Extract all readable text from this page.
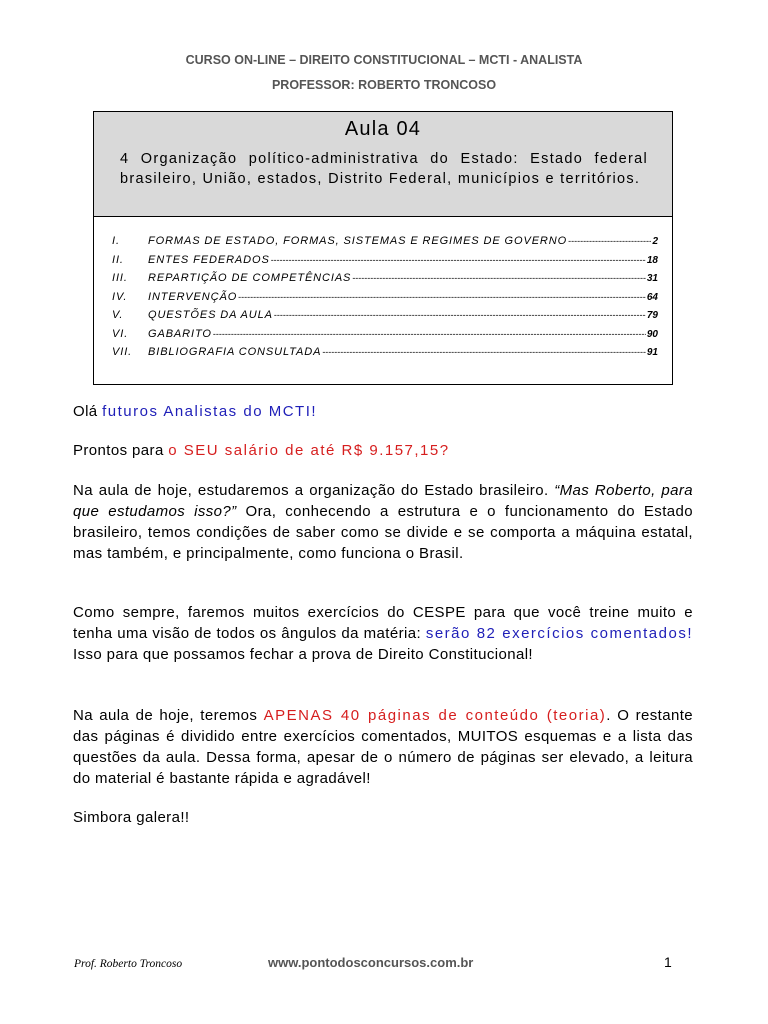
CURSO ON-LINE – DIREITO CONSTITUCIONAL – MCTI - ANALISTA
PROFESSOR: ROBERTO TRONCOSO
Aula 04
4 Organização político-administrativa do Estado: Estado federal brasileiro, União, estados, Distrito Federal, municípios e territórios.
I.	FORMAS DE ESTADO, FORMAS, SISTEMAS E REGIMES DE GOVERNO -----	2
II.	ENTES FEDERADOS -----	18
III.	REPARTIÇÃO DE COMPETÊNCIAS -----	31
IV.	INTERVENÇÃO -----	64
V.	QUESTÕES DA AULA -----	79
VI.	GABARITO -----	90
VII.	BIBLIOGRAFIA CONSULTADA -----	91
Olá futuros Analistas do MCTI!
Prontos para o SEU salário de até R$ 9.157,15?
Na aula de hoje, estudaremos a organização do Estado brasileiro. “Mas Roberto, para que estudamos isso?” Ora, conhecendo a estrutura e o funcionamento do Estado brasileiro, temos condições de saber como se divide e se comporta a máquina estatal, mas também, e principalmente, como funciona o Brasil.
Como sempre, faremos muitos exercícios do CESPE para que você treine muito e tenha uma visão de todos os ângulos da matéria: serão 82 exercícios comentados! Isso para que possamos fechar a prova de Direito Constitucional!
Na aula de hoje, teremos APENAS 40 páginas de conteúdo (teoria). O restante das páginas é dividido entre exercícios comentados, MUITOS esquemas e a lista das questões da aula. Dessa forma, apesar de o número de páginas ser elevado, a leitura do material é bastante rápida e agradável!
Simbora galera!!
Prof. Roberto Troncoso	www.pontodosconcursos.com.br	1
